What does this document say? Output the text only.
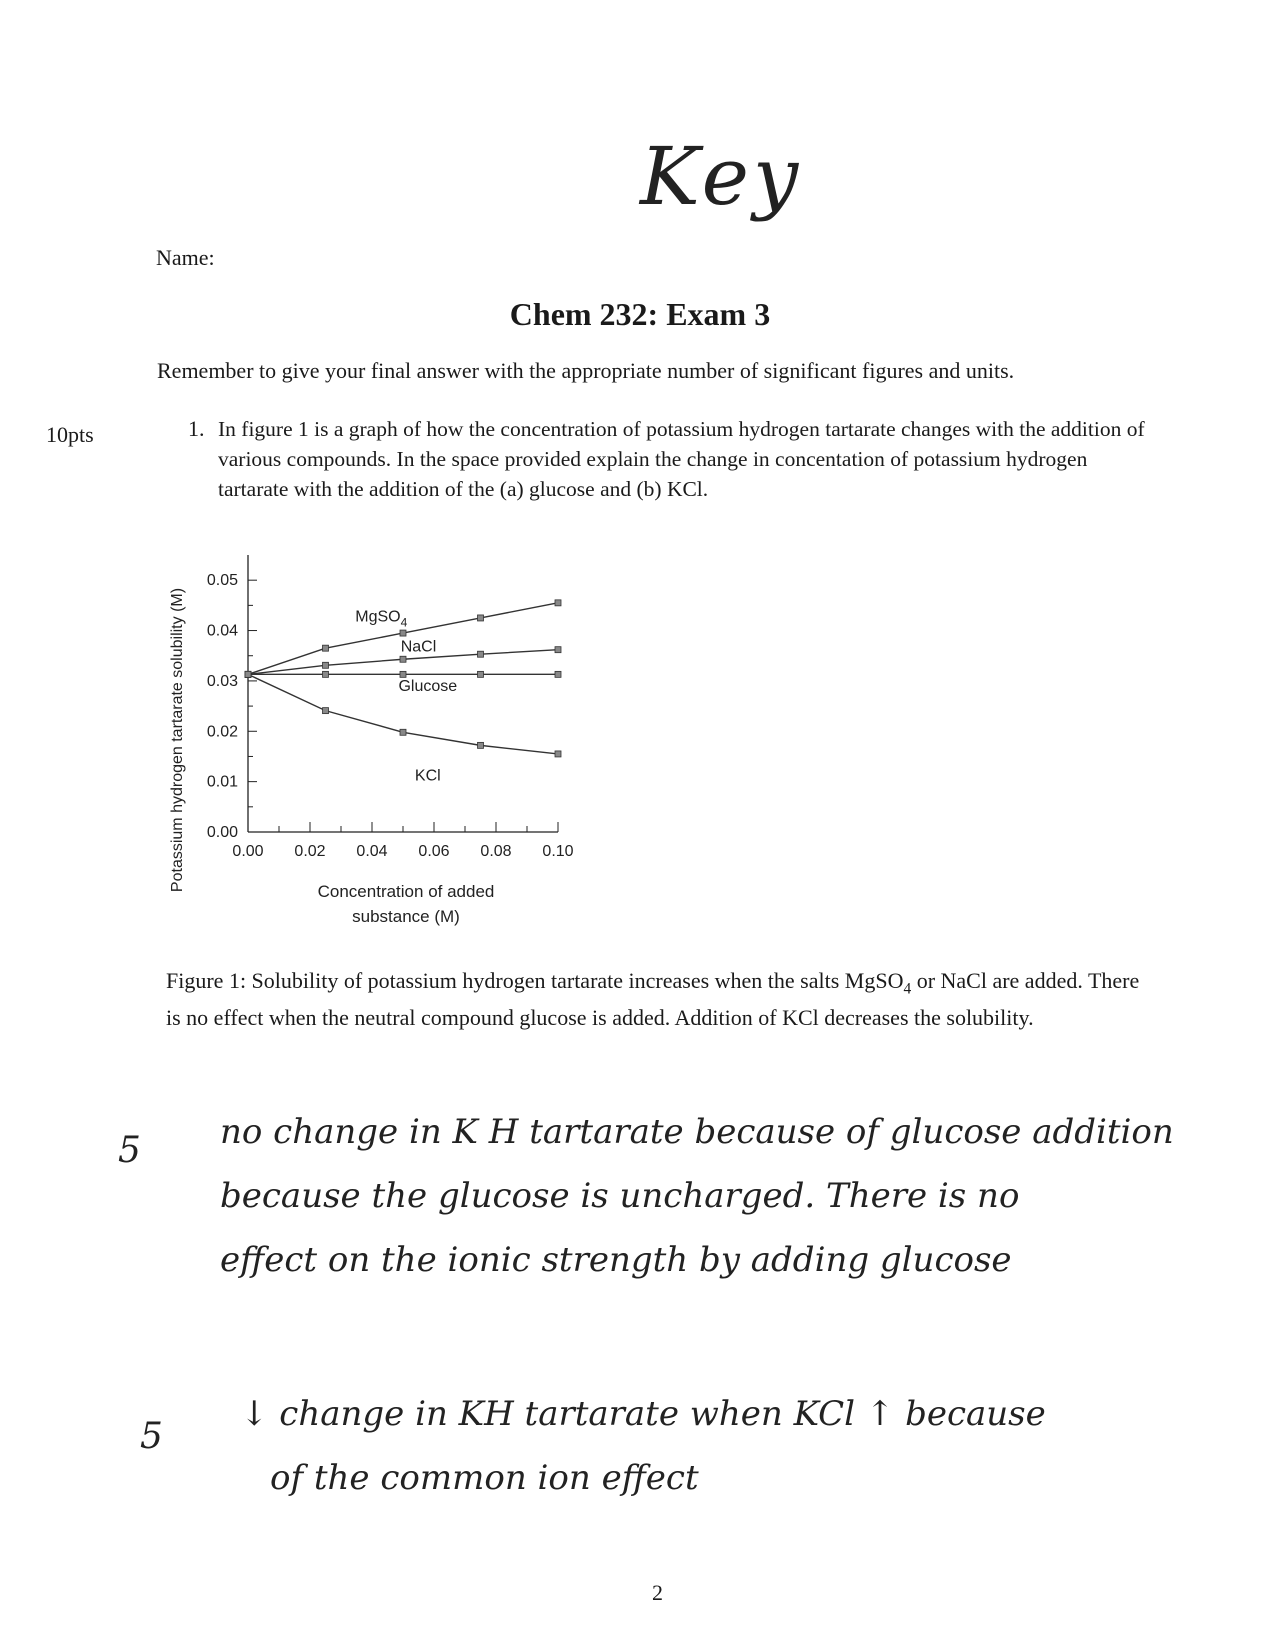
Key
Name:
Chem 232: Exam 3
Remember to give your final answer with the appropriate number of significant figures and units.
10pts	1. In figure 1 is a graph of how the concentration of potassium hydrogen tartarate changes with the addition of various compounds. In the space provided explain the change in concentation of potassium hydrogen tartarate with the addition of the (a) glucose and (b) KCl.
Potassium hydrogen tartarate solubility (M)	Concentration of added
substance (M)
0.00
0.01
0.02
0.03
0.04
0.05
0.00 0.02 0.04 0.06 0.08 0.10
MgSO$_4$
NaCl
Glucose
KCl
Figure 1: Solubility of potassium hydrogen tartarate increases when the salts MgSO$_4$ or NaCl are added. There is no effect when the neutral compound glucose is added. Addition of KCl decreases the solubility.
5 no change in K H tartarate because of glucose addition
because the glucose is uncharged. There is no
effect on the ionic strength by adding glucose
5
↓ change in KH tartarate when KCl ↑ because
of the common ion effect
2
